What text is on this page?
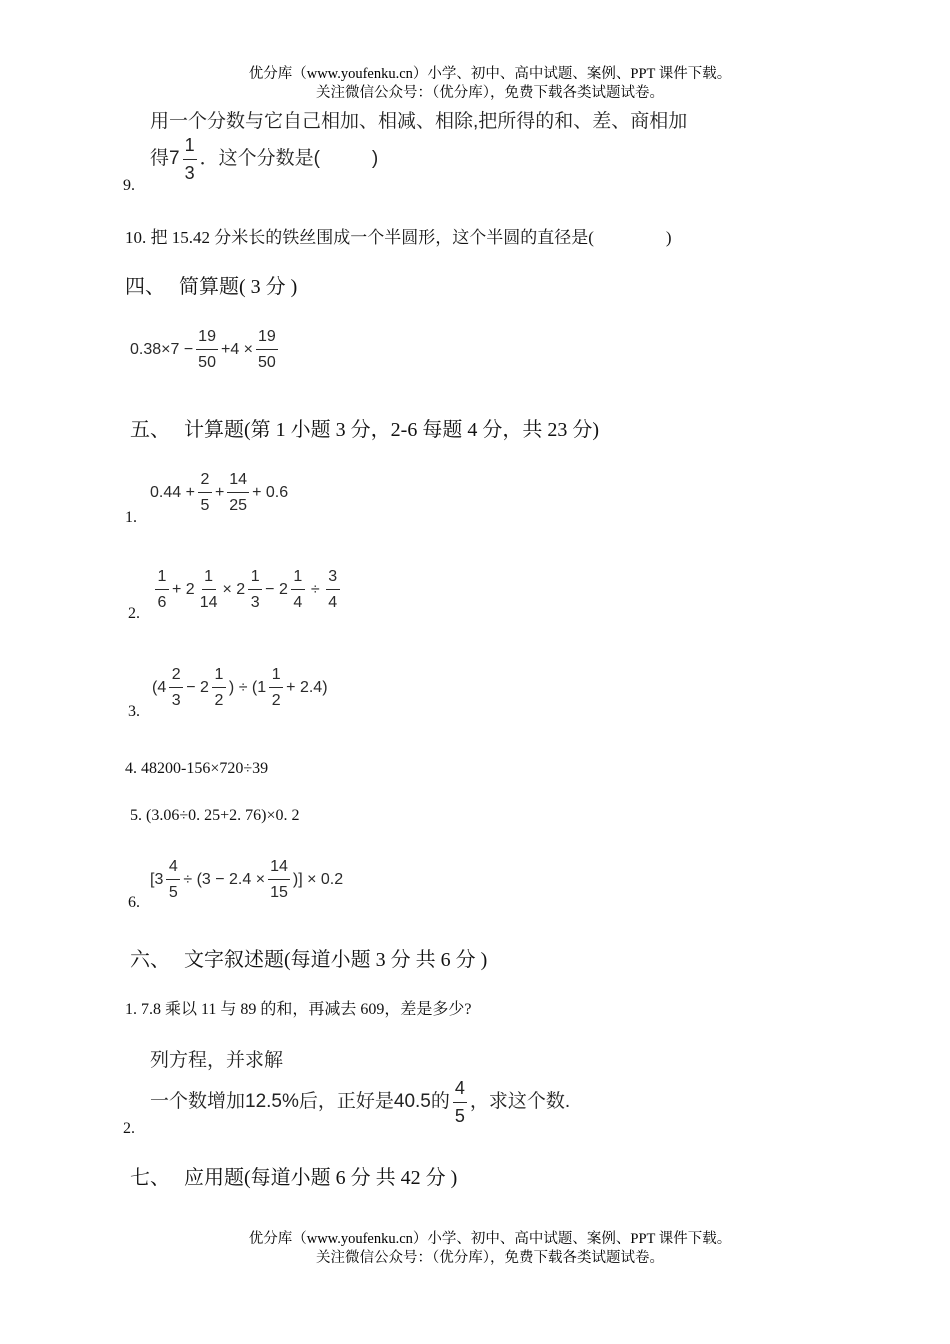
优分库（www.youfenku.cn）小学、初中、高中试题、案例、PPT 课件下载。
关注微信公众号：（优分库），免费下载各类试题试卷。
用一个分数与它自己相加、相减、相除,把所得的和、差、商相加
得$7 \frac{1}{3}$ ．这个分数是(	)
9.
10. 把 15.42 分米长的铁丝围成一个半圆形，这个半圆的直径是(	)
四、 简算题( 3 分 )
$0.38\times 7 - \frac{19}{50} +4 \times \frac{19}{50}$
五、 计算题(第 1 小题 3 分，2-6 每题 4 分，共 23 分)
$0.44 + \frac{2}{5} + \frac{14}{25} + 0.6$
1.
$\frac{1}{6} + 2 \frac{1}{14} \times 2 \frac{1}{3} - 2 \frac{1}{4} \div \frac{3}{4}$
2.
($4 \frac{2}{3} - 2 \frac{1}{2}$ ) ÷ $(1 \frac{1}{2} + 2.4)$
3.
4. 48200-156×720÷39
5. (3.06÷0. 25+2. 76)×0. 2
[$3 \frac{4}{5} \div (3 - 2.4 \times \frac{14}{15}$ )] × 0.2
6.
六、 文字叙述题(每道小题 3 分 共 6 分 )
1. 7.8 乘以 11 与 89 的和，再减去 609，差是多少?
列方程，并求解
一个数增加12.5%后，正好是40.5的 $\frac{4}{5}$ ，求这个数.
2.
七、 应用题(每道小题 6 分 共 42 分 )
优分库（www.youfenku.cn）小学、初中、高中试题、案例、PPT 课件下载。
关注微信公众号：（优分库），免费下载各类试题试卷。
